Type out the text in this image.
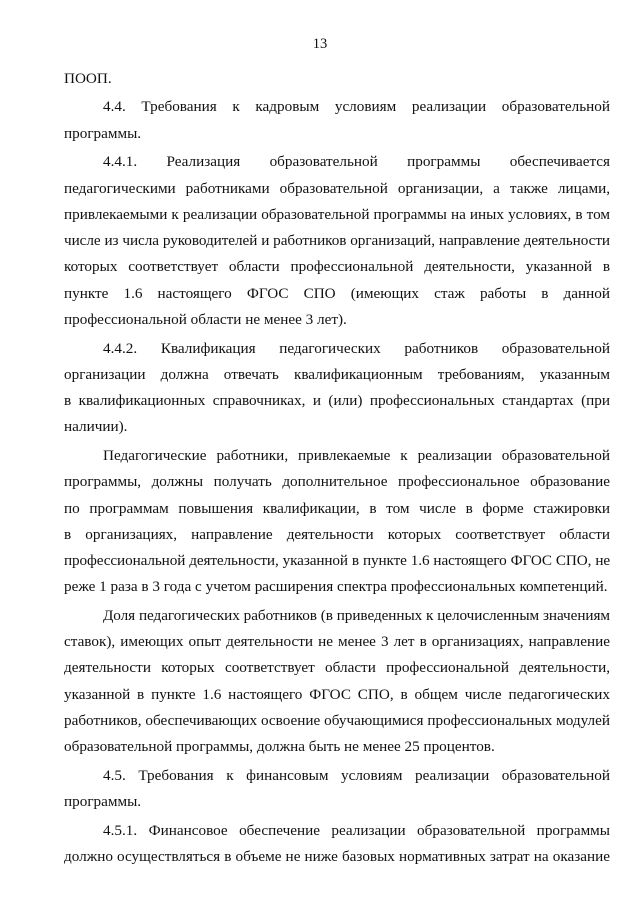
13
ПООП.
4.4. Требования к кадровым условиям реализации образовательной
программы.
4.4.1. Реализация образовательной программы обеспечивается
педагогическими работниками образовательной организации, а также лицами,
привлекаемыми к реализации образовательной программы на иных условиях, в том
числе из числа руководителей и работников организаций, направление деятельности
которых соответствует области профессиональной деятельности, указанной в
пункте 1.6 настоящего ФГОС СПО (имеющих стаж работы в данной
профессиональной области не менее 3 лет).
4.4.2. Квалификация педагогических работников образовательной
организации должна отвечать квалификационным требованиям, указанным
в квалификационных справочниках, и (или) профессиональных стандартах (при
наличии).
Педагогические работники, привлекаемые к реализации образовательной
программы, должны получать дополнительное профессиональное образование
по программам повышения квалификации, в том числе в форме стажировки
в организациях, направление деятельности которых соответствует области
профессиональной деятельности, указанной в пункте 1.6 настоящего ФГОС СПО, не
реже 1 раза в 3 года с учетом расширения спектра профессиональных компетенций.
Доля педагогических работников (в приведенных к целочисленным значениям
ставок), имеющих опыт деятельности не менее 3 лет в организациях, направление
деятельности которых соответствует области профессиональной деятельности,
указанной в пункте 1.6 настоящего ФГОС СПО, в общем числе педагогических
работников, обеспечивающих освоение обучающимися профессиональных модулей
образовательной программы, должна быть не менее 25 процентов.
4.5. Требования к финансовым условиям реализации образовательной
программы.
4.5.1. Финансовое обеспечение реализации образовательной программы
должно осуществляться в объеме не ниже базовых нормативных затрат на оказание
